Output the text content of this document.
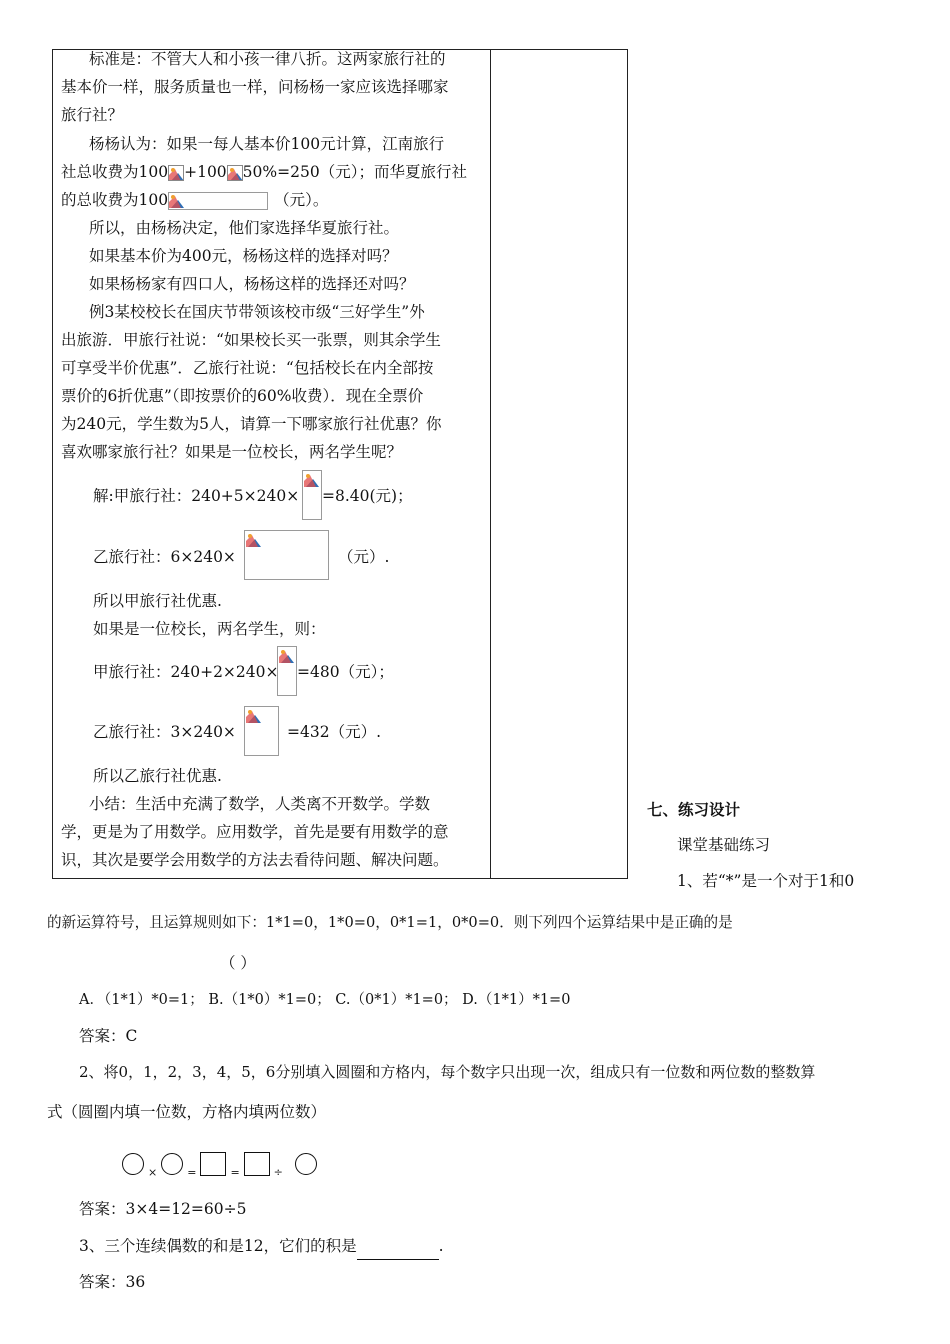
标准是：不管大人和小孩一律八折。这两家旅行社的
基本价一样，服务质量也一样，问杨杨一家应该选择哪家
旅行社？
杨杨认为：如果一每人基本价100元计算，江南旅行
社总收费为100 +100 50%=250（元）；而华夏旅行社
的总收费为100	（元）。
所以，由杨杨决定，他们家选择华夏旅行社。
如果基本价为400元，杨杨这样的选择对吗？
如果杨杨家有四口人，杨杨这样的选择还对吗？
例3某校校长在国庆节带领该校市级“三好学生”外
出旅游．甲旅行社说：“如果校长买一张票，则其余学生
可享受半价优惠”．乙旅行社说：“包括校长在内全部按
票价的6折优惠”（即按票价的60%收费）．现在全票价
为240元，学生数为5人，请算一下哪家旅行社优惠？你
喜欢哪家旅行社？如果是一位校长，两名学生呢？
解:甲旅行社：240+5×240× =8.40(元)；
乙旅行社：6×240×	（元）.
所以甲旅行社优惠.
如果是一位校长，两名学生，则：
甲旅行社：240+2×240× =480（元）；
乙旅行社：3×240×	=432（元）.
所以乙旅行社优惠.
小结：生活中充满了数学，人类离不开数学。学数
学，更是为了用数学。应用数学，首先是要有用数学的意
识，其次是要学会用数学的方法去看待问题、解决问题。
七、练习设计
课堂基础练习
1、若“*”是一个对于1和0
的新运算符号，且运算规则如下：1*1=0，1*0=0，0*1=1，0*0=0．则下列四个运算结果中是正确的是
（ ）
A．（1*1）*0=1； B.（1*0）*1=0； C.（0*1）*1=0； D.（1*1）*1=0
答案：C
2、将0，1，2，3，4，5，6分别填入圆圈和方格内，每个数字只出现一次，组成只有一位数和两位数的整数算
式（圆圈内填一位数，方格内填两位数）
$_\times$	$_=$	$_=$	$_\div$
答案：3×4=12=60÷5
3、三个连续偶数的和是12，它们的积是	.
答案：36
